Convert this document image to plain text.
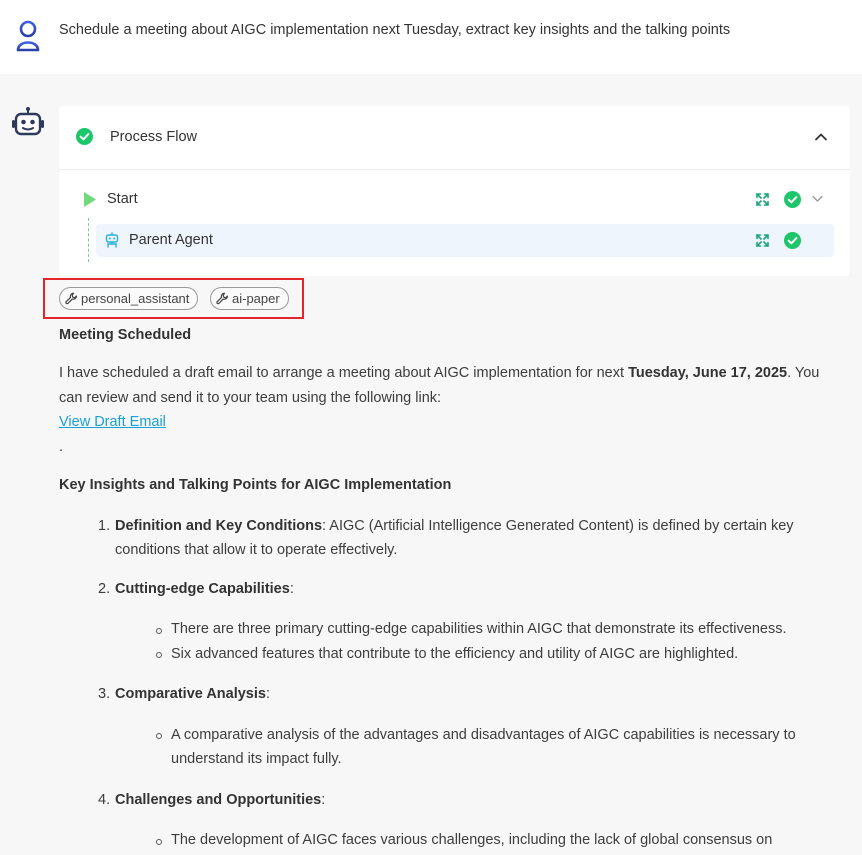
Schedule a meeting about AIGC implementation next Tuesday, extract key insights and the talking points
Process Flow
Start
Parent Agent
personal_assistant	ai-paper
Meeting Scheduled
I have scheduled a draft email to arrange a meeting about AIGC implementation for next Tuesday, June 17, 2025. You
can review and send it to your team using the following link:
View Draft Email
.
Key Insights and Talking Points for AIGC Implementation
1. Definition and Key Conditions: AIGC (Artificial Intelligence Generated Content) is defined by certain key
conditions that allow it to operate effectively.
2. Cutting-edge Capabilities:
There are three primary cutting-edge capabilities within AIGC that demonstrate its effectiveness.
Six advanced features that contribute to the efficiency and utility of AIGC are highlighted.
3. Comparative Analysis:
A comparative analysis of the advantages and disadvantages of AIGC capabilities is necessary to
understand its impact fully.
4. Challenges and Opportunities:
The development of AIGC faces various challenges, including the lack of global consensus on
